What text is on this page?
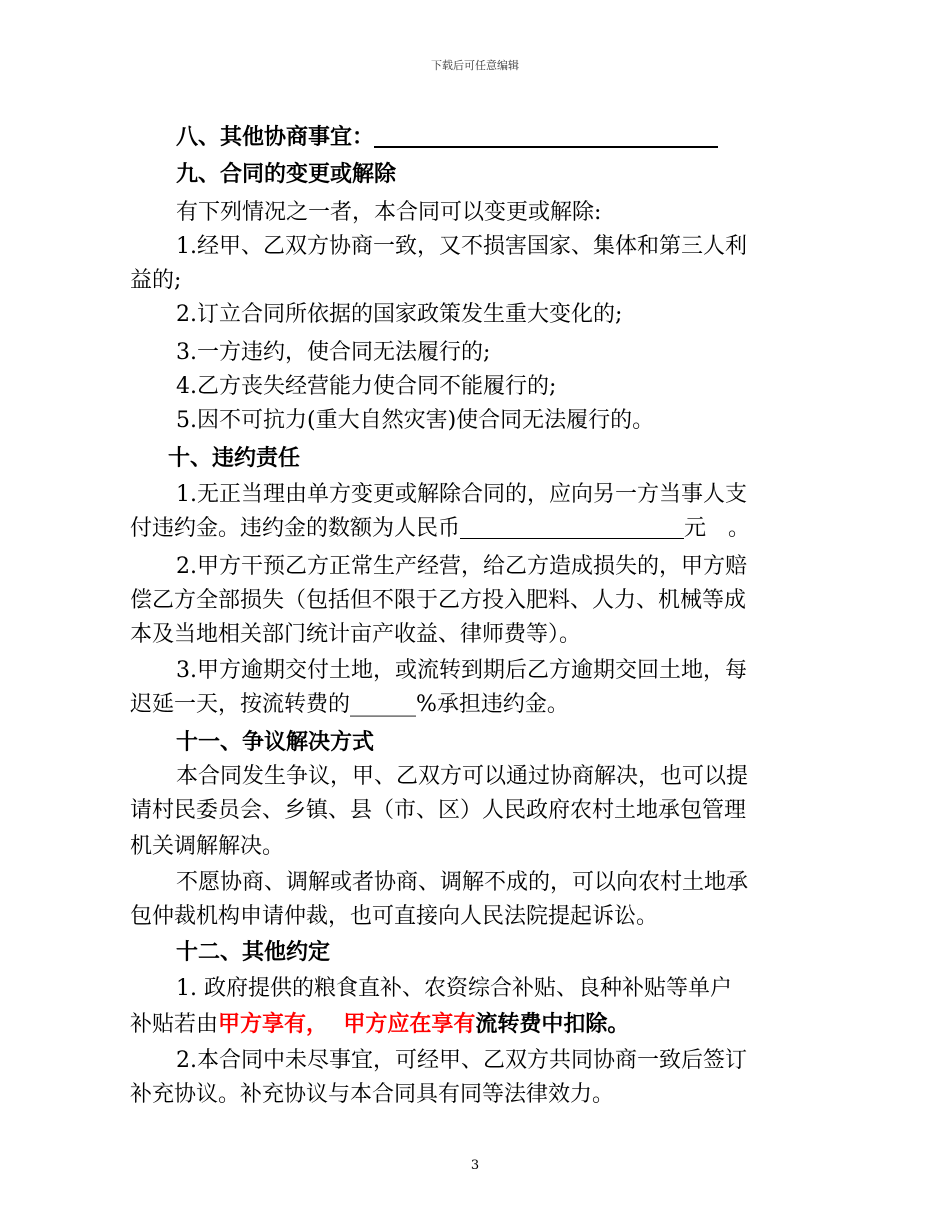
下载后可任意编辑
八、其他协商事宜：
九、合同的变更或解除
有下列情况之一者，本合同可以变更或解除:
1.经甲、乙双方协商一致，又不损害国家、集体和第三人利
益的;
2.订立合同所依据的国家政策发生重大变化的;
3.一方违约，使合同无法履行的;
4.乙方丧失经营能力使合同不能履行的;
5.因不可抗力(重大自然灾害)使合同无法履行的。
十、违约责任
1.无正当理由单方变更或解除合同的，应向另一方当事人支
付违约金。违约金的数额为人民币	元　。
2.甲方干预乙方正常生产经营，给乙方造成损失的，甲方赔
偿乙方全部损失（包括但不限于乙方投入肥料、人力、机械等成
本及当地相关部门统计亩产收益、律师费等）。
3.甲方逾期交付土地，或流转到期后乙方逾期交回土地，每
迟延一天，按流转费的______%承担违约金。
十一、争议解决方式
本合同发生争议，甲、乙双方可以通过协商解决，也可以提
请村民委员会、乡镇、县（市、区）人民政府农村土地承包管理
机关调解解决。
不愿协商、调解或者协商、调解不成的，可以向农村土地承
包仲裁机构申请仲裁，也可直接向人民法院提起诉讼。
十二、其他约定
1. 政府提供的粮食直补、农资综合补贴、良种补贴等单户
补贴若由甲方享有，  甲方应在享有流转费中扣除。
2.本合同中未尽事宜，可经甲、乙双方共同协商一致后签订
补充协议。补充协议与本合同具有同等法律效力。
3
